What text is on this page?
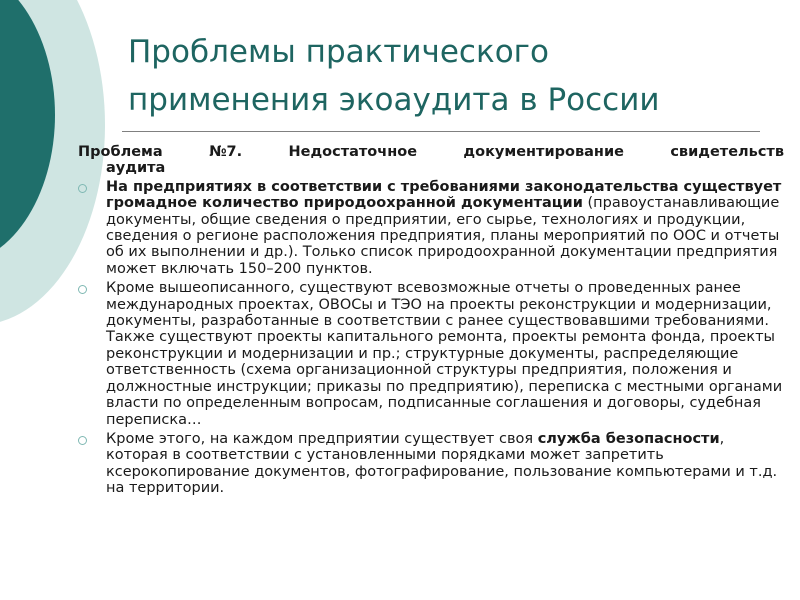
Проблемы практического
применения экоаудита в России
Проблема	№7.	Недостаточное	документирование	свидетельств
аудита
На предприятиях в соответствии с требованиями законодательства существует громадное количество природоохранной документации (правоустанавливающие документы, общие сведения о предприятии, его сырье, технологиях и продукции, сведения о регионе расположения предприятия, планы мероприятий по ООС и отчеты об их выполнении и др.). Только список природоохранной документации предприятия может включать 150–200 пунктов.
Кроме вышеописанного, существуют всевозможные отчеты о проведенных ранее международных проектах, ОВОСы и ТЭО на проекты реконструкции и модернизации, документы, разработанные в соответствии с ранее существовавшими требованиями. Также существуют проекты капитального ремонта, проекты ремонта фонда, проекты реконструкции и модернизации и пр.; структурные документы, распределяющие ответственность (схема организационной структуры предприятия, положения и должностные инструкции; приказы по предприятию), переписка с местными органами власти по определенным вопросам, подписанные соглашения и договоры, судебная переписка…
Кроме этого, на каждом предприятии существует своя служба безопасности, которая в соответствии с установленными порядками может запретить ксерокопирование документов, фотографирование, пользование компьютерами и т.д. на территории.
